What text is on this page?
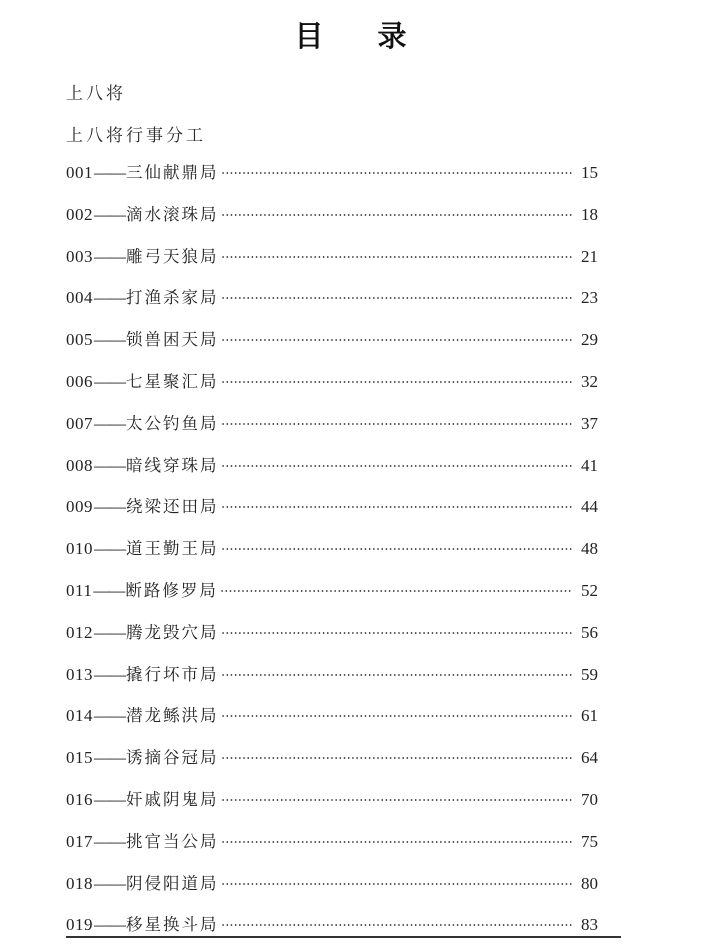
目 录
上八将
上八将行事分工
001 —— 三仙献鼎局	15
002 —— 滴水滚珠局	18
003 —— 雕弓天狼局	21
004 —— 打渔杀家局	23
005 —— 锁兽困天局	29
006 —— 七星聚汇局	32
007 —— 太公钓鱼局	37
008 —— 暗线穿珠局	41
009 —— 绕梁还田局	44
010 —— 道王勤王局	48
011 —— 断路修罗局	52
012 —— 腾龙毁穴局	56
013 —— 撬行坏市局	59
014 —— 潜龙鲧洪局	61
015 —— 诱摘谷冠局	64
016 —— 奸戚阴鬼局	70
017 —— 挑官当公局	75
018 —— 阴侵阳道局	80
019 —— 移星换斗局	83
